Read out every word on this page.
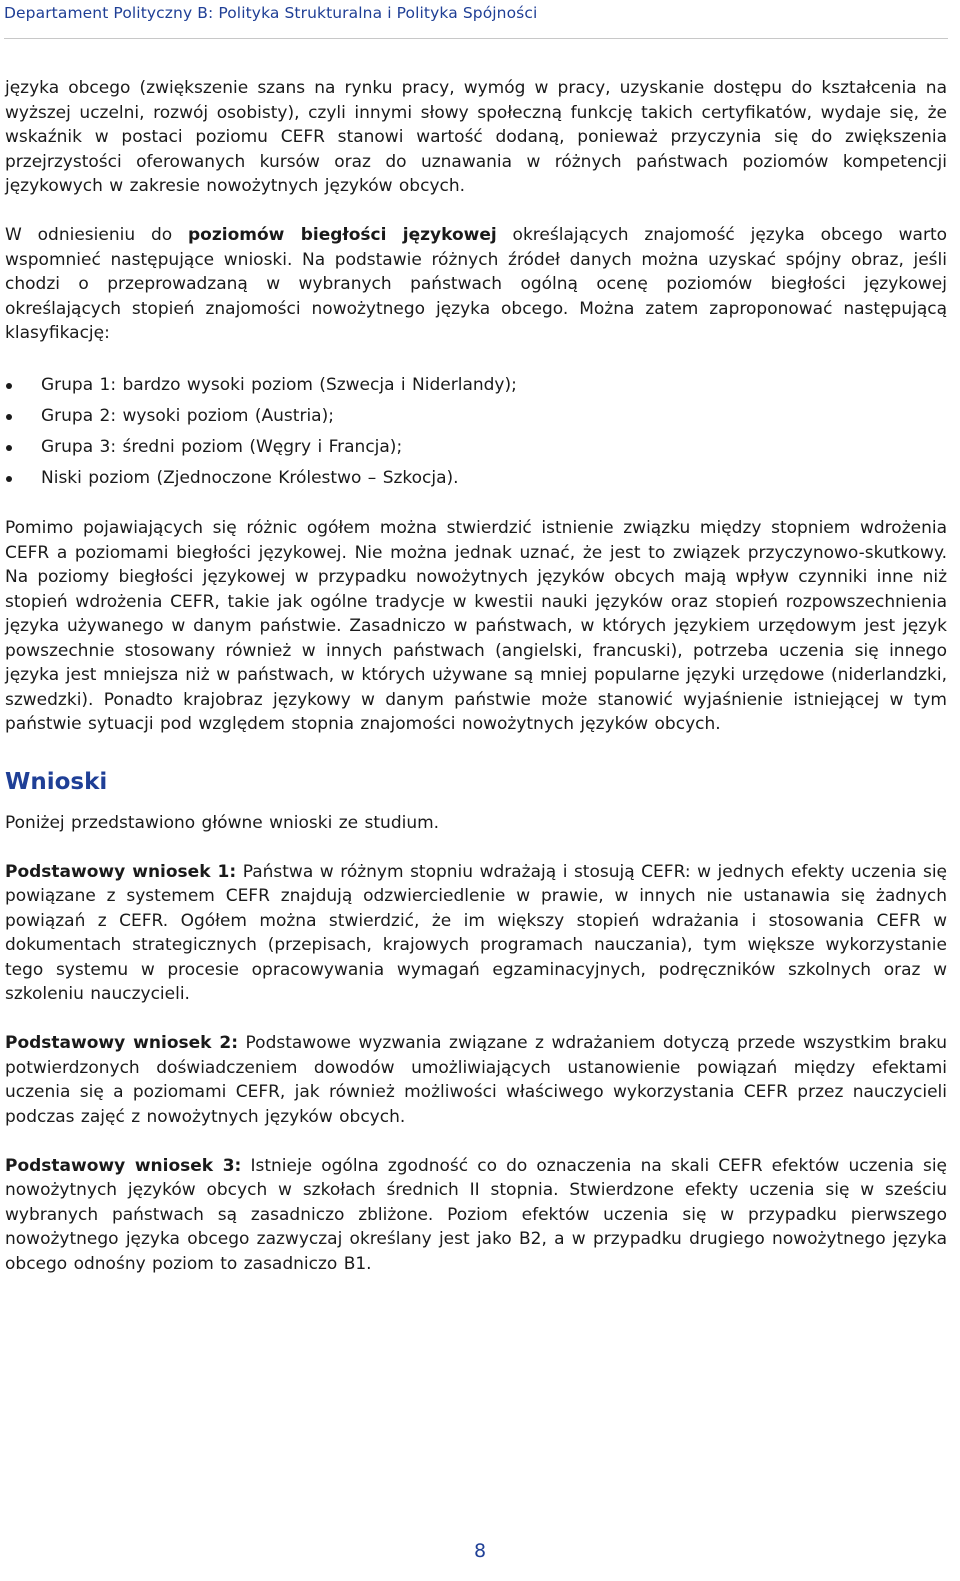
Departament Polityczny B: Polityka Strukturalna i Polityka Spójności

języka obcego (zwiększenie szans na rynku pracy, wymóg w pracy, uzyskanie dostępu do kształcenia na wyższej uczelni, rozwój osobisty), czyli innymi słowy społeczną funkcję takich certyfikatów, wydaje się, że wskaźnik w postaci poziomu CEFR stanowi wartość dodaną, ponieważ przyczynia się do zwiększenia przejrzystości oferowanych kursów oraz do uznawania w różnych państwach poziomów kompetencji językowych w zakresie nowożytnych języków obcych.

W odniesieniu do poziomów biegłości językowej określających znajomość języka obcego warto wspomnieć następujące wnioski. Na podstawie różnych źródeł danych można uzyskać spójny obraz, jeśli chodzi o przeprowadzaną w wybranych państwach ogólną ocenę poziomów biegłości językowej określających stopień znajomości nowożytnego języka obcego. Można zatem zaproponować następującą klasyfikację:

Grupa 1: bardzo wysoki poziom (Szwecja i Niderlandy);
Grupa 2: wysoki poziom (Austria);
Grupa 3: średni poziom (Węgry i Francja);
Niski poziom (Zjednoczone Królestwo – Szkocja).

Pomimo pojawiających się różnic ogółem można stwierdzić istnienie związku między stopniem wdrożenia CEFR a poziomami biegłości językowej. Nie można jednak uznać, że jest to związek przyczynowo-skutkowy. Na poziomy biegłości językowej w przypadku nowożytnych języków obcych mają wpływ czynniki inne niż stopień wdrożenia CEFR, takie jak ogólne tradycje w kwestii nauki języków oraz stopień rozpowszechnienia języka używanego w danym państwie. Zasadniczo w państwach, w których językiem urzędowym jest język powszechnie stosowany również w innych państwach (angielski, francuski), potrzeba uczenia się innego języka jest mniejsza niż w państwach, w których używane są mniej popularne języki urzędowe (niderlandzki, szwedzki). Ponadto krajobraz językowy w danym państwie może stanowić wyjaśnienie istniejącej w tym państwie sytuacji pod względem stopnia znajomości nowożytnych języków obcych.

Wnioski

Poniżej przedstawiono główne wnioski ze studium.

Podstawowy wniosek 1: Państwa w różnym stopniu wdrażają i stosują CEFR: w jednych efekty uczenia się powiązane z systemem CEFR znajdują odzwierciedlenie w prawie, w innych nie ustanawia się żadnych powiązań z CEFR. Ogółem można stwierdzić, że im większy stopień wdrażania i stosowania CEFR w dokumentach strategicznych (przepisach, krajowych programach nauczania), tym większe wykorzystanie tego systemu w procesie opracowywania wymagań egzaminacyjnych, podręczników szkolnych oraz w szkoleniu nauczycieli.

Podstawowy wniosek 2: Podstawowe wyzwania związane z wdrażaniem dotyczą przede wszystkim braku potwierdzonych doświadczeniem dowodów umożliwiających ustanowienie powiązań między efektami uczenia się a poziomami CEFR, jak również możliwości właściwego wykorzystania CEFR przez nauczycieli podczas zajęć z nowożytnych języków obcych.

Podstawowy wniosek 3: Istnieje ogólna zgodność co do oznaczenia na skali CEFR efektów uczenia się nowożytnych języków obcych w szkołach średnich II stopnia. Stwierdzone efekty uczenia się w sześciu wybranych państwach są zasadniczo zbliżone. Poziom efektów uczenia się w przypadku pierwszego nowożytnego języka obcego zazwyczaj określany jest jako B2, a w przypadku drugiego nowożytnego języka obcego odnośny poziom to zasadniczo B1.

8
